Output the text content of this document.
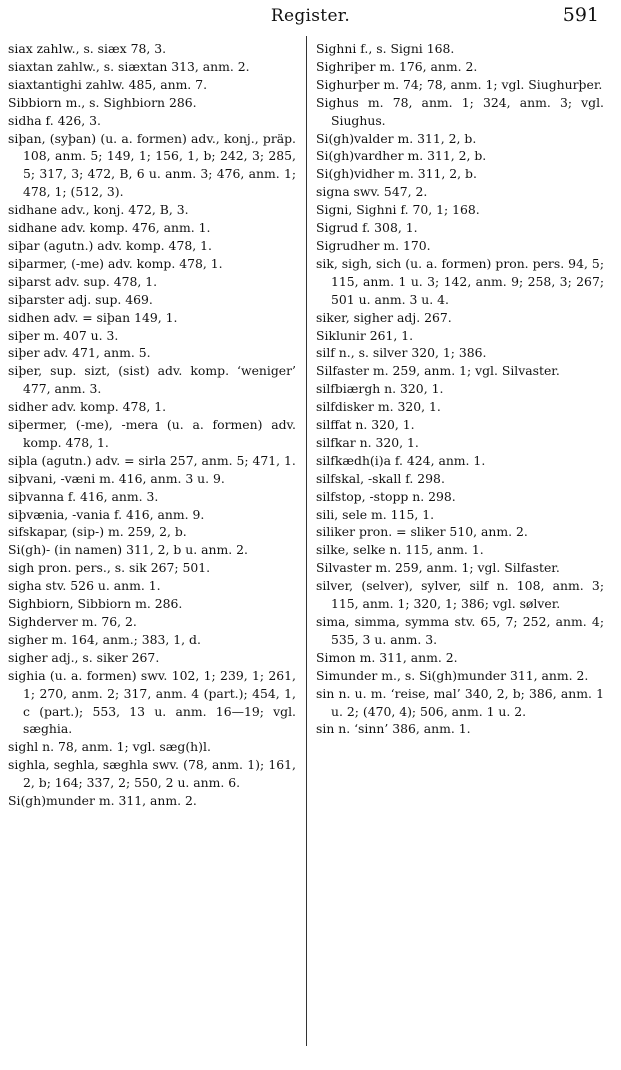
Register.	591

siax zahlw., s. siæx 78, 3.

siaxtan zahlw., s. siæxtan 313, anm. 2.

siaxtantighi zahlw. 485, anm. 7.

Sibbiorn m., s. Sighbiorn 286.

sidha f. 426, 3.

siþan, (syþan) (u. a. formen) adv., konj., präp. 108, anm. 5; 149, 1; 156, 1, b; 242, 3; 285, 5; 317, 3; 472, B, 6 u. anm. 3; 476, anm. 1; 478, 1; (512, 3).

sidhane adv., konj. 472, B, 3.

sidhane adv. komp. 476, anm. 1.

siþar (agutn.) adv. komp. 478, 1.

siþarmer, (-me) adv. komp. 478, 1.

siþarst adv. sup. 478, 1.

siþarster adj. sup. 469.

sidhen adv. = siþan 149, 1.

siþer m. 407 u. 3.

siþer adv. 471, anm. 5.

siþer, sup. sizt, (sist) adv. komp. ‘weniger’ 477, anm. 3.

sidher adv. komp. 478, 1.

siþermer, (-me), -mera (u. a. formen) adv. komp. 478, 1.

siþla (agutn.) adv. = sirla 257, anm. 5; 471, 1.

siþvani, -væni m. 416, anm. 3 u. 9.

siþvanna f. 416, anm. 3.

siþvænia, -vania f. 416, anm. 9.

sifskapar, (sip-) m. 259, 2, b.

Si(gh)- (in namen) 311, 2, b u. anm. 2.

sigh pron. pers., s. sik 267; 501.

sigha stv. 526 u. anm. 1.

Sighbiorn, Sibbiorn m. 286.

Sighderver m. 76, 2.

sigher m. 164, anm.; 383, 1, d.

sigher adj., s. siker 267.

sighia (u. a. formen) swv. 102, 1; 239, 1; 261, 1; 270, anm. 2; 317, anm. 4 (part.); 454, 1, c (part.); 553, 13 u. anm. 16—19; vgl. sæghia.

sighl n. 78, anm. 1; vgl. sæg(h)l.

sighla, seghla, sæghla swv. (78, anm. 1); 161, 2, b; 164; 337, 2; 550, 2 u. anm. 6.

Si(gh)munder m. 311, anm. 2.

Sighni f., s. Signi 168.

Sighriþer m. 176, anm. 2.

Sighurþer m. 74; 78, anm. 1; vgl. Siughurþer.

Sighus m. 78, anm. 1; 324, anm. 3; vgl. Siughus.

Si(gh)valder m. 311, 2, b.

Si(gh)vardher m. 311, 2, b.

Si(gh)vidher m. 311, 2, b.

signa swv. 547, 2.

Signi, Sighni f. 70, 1; 168.

Sigrud f. 308, 1.

Sigrudher m. 170.

sik, sigh, sich (u. a. formen) pron. pers. 94, 5; 115, anm. 1 u. 3; 142, anm. 9; 258, 3; 267; 501 u. anm. 3 u. 4.

siker, sigher adj. 267.

Siklunir 261, 1.

silf n., s. silver 320, 1; 386.

Silfaster m. 259, anm. 1; vgl. Silvaster.

silfbiærgh n. 320, 1.

silfdisker m. 320, 1.

silffat n. 320, 1.

silfkar n. 320, 1.

silfkædh(i)a f. 424, anm. 1.

silfskal, -skall f. 298.

silfstop, -stopp n. 298.

sili, sele m. 115, 1.

siliker pron. = sliker 510, anm. 2.

silke, selke n. 115, anm. 1.

Silvaster m. 259, anm. 1; vgl. Silfaster.

silver, (selver), sylver, silf n. 108, anm. 3; 115, anm. 1; 320, 1; 386; vgl. sølver.

sima, simma, symma stv. 65, 7; 252, anm. 4; 535, 3 u. anm. 3.

Simon m. 311, anm. 2.

Simunder m., s. Si(gh)munder 311, anm. 2.

sin n. u. m. ‘reise, mal’ 340, 2, b; 386, anm. 1 u. 2; (470, 4); 506, anm. 1 u. 2.

sin n. ‘sinn’ 386, anm. 1.
